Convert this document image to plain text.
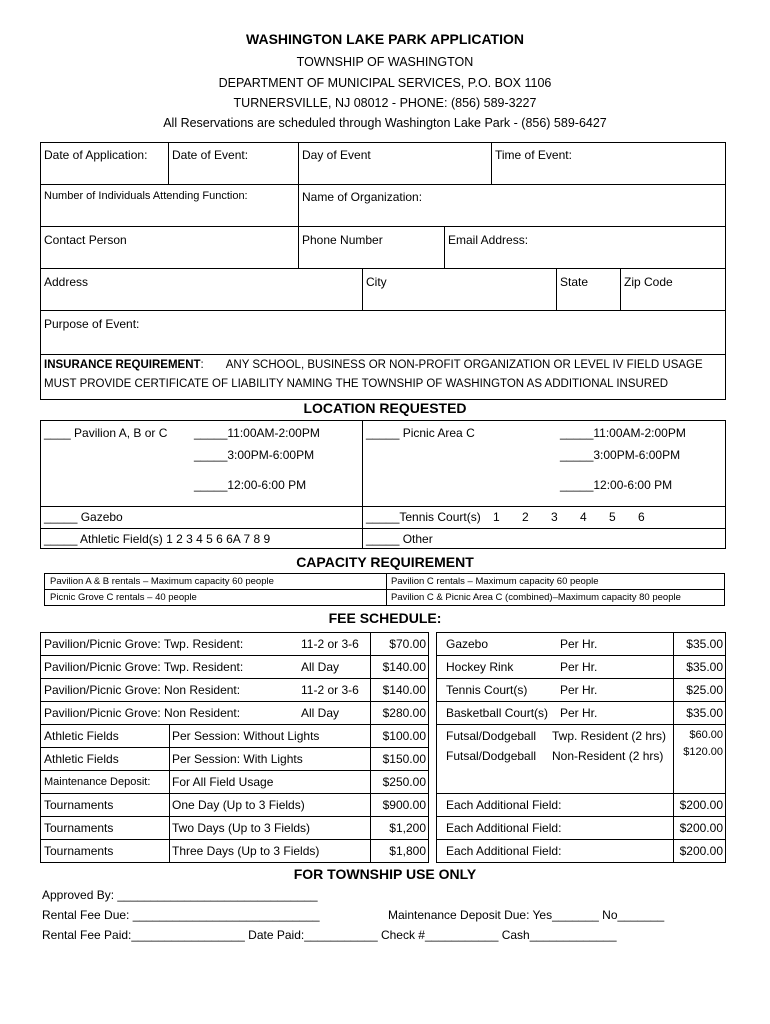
WASHINGTON LAKE PARK APPLICATION
TOWNSHIP OF WASHINGTON
DEPARTMENT OF MUNICIPAL SERVICES, P.O. BOX 1106
TURNERSVILLE, NJ 08012 - PHONE: (856) 589-3227
All Reservations are scheduled through Washington Lake Park - (856) 589-6427
Date of Application: Date of Event:	Day of Event	Time of Event:
Number of Individuals Attending Function:	Name of Organization:
Contact Person	Phone Number	Email Address:
Address	City	State	Zip Code
Purpose of Event:
INSURANCE REQUIREMENT: ANY SCHOOL, BUSINESS OR NON-PROFIT ORGANIZATION OR LEVEL IV FIELD USAGE
MUST PROVIDE CERTIFICATE OF LIABILITY NAMING THE TOWNSHIP OF WASHINGTON AS ADDITIONAL INSURED
LOCATION REQUESTED
____ Pavilion A, B or C _____11:00AM-2:00PM
_____3:00PM-6:00PM
_____12:00-6:00 PM
_____ Picnic Area C	_____11:00AM-2:00PM
_____3:00PM-6:00PM
_____12:00-6:00 PM
_____ Gazebo	_____Tennis Court(s) 1 2 3 4 5 6
_____ Athletic Field(s) 1 2 3 4 5 6 6A 7 8 9	_____ Other
CAPACITY REQUIREMENT
Pavilion A & B rentals – Maximum capacity 60 people	Pavilion C rentals – Maximum capacity 60 people
Picnic Grove C rentals – 40 people	Pavilion C & Picnic Area C (combined)–Maximum capacity 80 people
FEE SCHEDULE:
Pavilion/Picnic Grove: Twp. Resident:	11-2 or 3-6	$70.00
Pavilion/Picnic Grove: Twp. Resident:	All Day	$140.00
Pavilion/Picnic Grove: Non Resident:	11-2 or 3-6	$140.00
Pavilion/Picnic Grove: Non Resident:	All Day	$280.00
Athletic Fields	Per Session: Without Lights	$100.00
Athletic Fields	Per Session: With Lights	$150.00
Maintenance Deposit: For All Field Usage	$250.00
Tournaments	One Day (Up to 3 Fields)	$900.00
Tournaments	Two Days (Up to 3 Fields)	$1,200
Tournaments	Three Days (Up to 3 Fields)	$1,800
Gazebo	Per Hr.	$35.00
Hockey Rink	Per Hr.	$35.00
Tennis Court(s)	Per Hr.	$25.00
Basketball Court(s) Per Hr.	$35.00
Futsal/Dodgeball Twp. Resident (2 hrs)	$60.00
Futsal/Dodgeball Non-Resident (2 hrs)	$120.00
Each Additional Field:	$200.00
Each Additional Field:	$200.00
Each Additional Field:	$200.00
FOR TOWNSHIP USE ONLY
Approved By: ______________________________
Rental Fee Due: ____________________________	Maintenance Deposit Due: Yes_______ No_______
Rental Fee Paid:_________________ Date Paid:___________ Check #___________ Cash_____________
